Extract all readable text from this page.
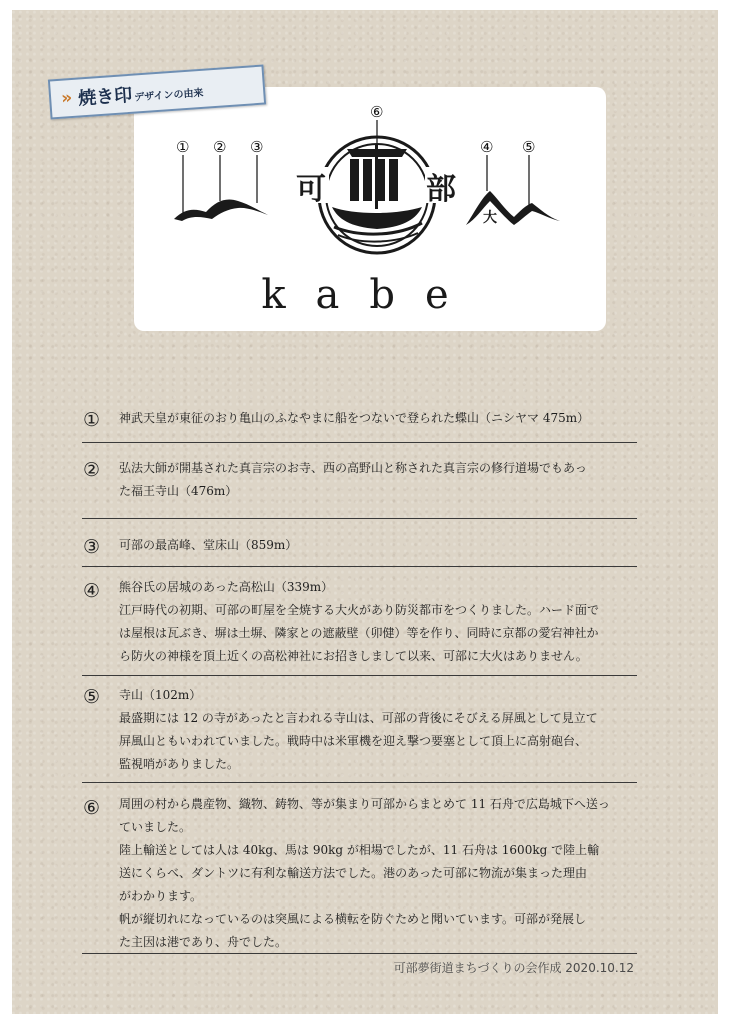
① ② ③	④ ⑤
⑥
大
可	部
kabe
» 焼き印 デザインの由来
① 神武天皇が東征のおり亀山のふなやまに船をつないで登られた蝶山（ニシヤマ 475m）
② 弘法大師が開基された真言宗のお寺、西の高野山と称された真言宗の修行道場でもあっ
た福王寺山（476m）
③ 可部の最高峰、堂床山（859m）
④ 熊谷氏の居城のあった高松山（339m）
江戸時代の初期、可部の町屋を全焼する大火があり防災都市をつくりました。ハード面で
は屋根は瓦ぶき、塀は土塀、隣家との遮蔽壁（卯健）等を作り、同時に京都の愛宕神社か
ら防火の神様を頂上近くの高松神社にお招きしまして以来、可部に大火はありません。
⑤ 寺山（102m）
最盛期には 12 の寺があったと言われる寺山は、可部の背後にそびえる屏風として見立て
屏風山ともいわれていました。戦時中は米軍機を迎え撃つ要塞として頂上に高射砲台、
監視哨がありました。
⑥ 周囲の村から農産物、織物、鋳物、等が集まり可部からまとめて 11 石舟で広島城下へ送っ
ていました。
陸上輸送としては人は 40kg、馬は 90kg が相場でしたが、11 石舟は 1600kg で陸上輸
送にくらべ、ダントツに有利な輸送方法でした。港のあった可部に物流が集まった理由
がわかります。
帆が縦切れになっているのは突風による横転を防ぐためと聞いています。可部が発展し
た主因は港であり、舟でした。
可部夢街道まちづくりの会作成 2020.10.12
